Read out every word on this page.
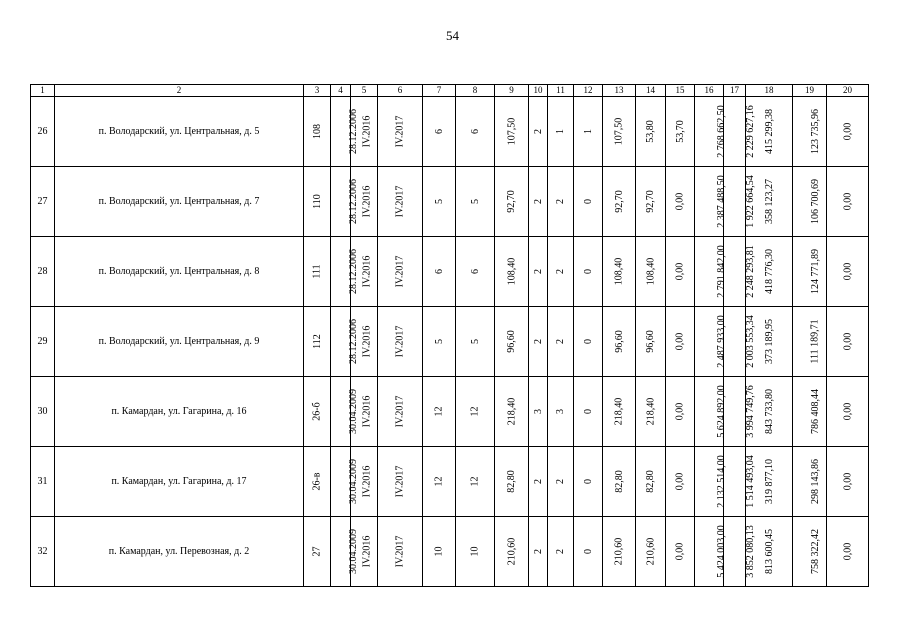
54
1	2	3	4	5	6	7	8	9	10	11	12	13	14	15	16	17	18	19	20
26	п. Володарский, ул. Центральная, д. 5	108	28.12.2006	IV.2016	IV.2017	6	6	107,50	2	1	1	107,50	53,80	53,70	2 768 662,50	2 229 627,16	415 299,38	123 735,96	0,00
27	п. Володарский, ул. Центральная, д. 7	110	28.12.2006	IV.2016	IV.2017	5	5	92,70	2	2	0	92,70	92,70	0,00	2 387 488,50	1 922 664,54	358 123,27	106 700,69	0,00
28	п. Володарский, ул. Центральная, д. 8	111	28.12.2006	IV.2016	IV.2017	6	6	108,40	2	2	0	108,40	108,40	0,00	2 791 842,00	2 248 293,81	418 776,30	124 771,89	0,00
29	п. Володарский, ул. Центральная, д. 9	112	28.12.2006	IV.2016	IV.2017	5	5	96,60	2	2	0	96,60	96,60	0,00	2 487 933,00	2 003 553,34	373 189,95	111 189,71	0,00
30	п. Камардан, ул. Гагарина, д. 16	26-б	30.04.2009	IV.2016	IV.2017	12	12	218,40	3	3	0	218,40	218,40	0,00	5 624 892,00	3 994 749,76	843 733,80	786 408,44	0,00
31	п. Камардан, ул. Гагарина, д. 17	26-в	30.04.2009	IV.2016	IV.2017	12	12	82,80	2	2	0	82,80	82,80	0,00	2 132 514,00	1 514 493,04	319 877,10	298 143,86	0,00
32	п. Камардан, ул. Перевозная, д. 2	27	30.04.2009	IV.2016	IV.2017	10	10	210,60	2	2	0	210,60	210,60	0,00	5 424 003,00	3 852 080,13	813 600,45	758 322,42	0,00
